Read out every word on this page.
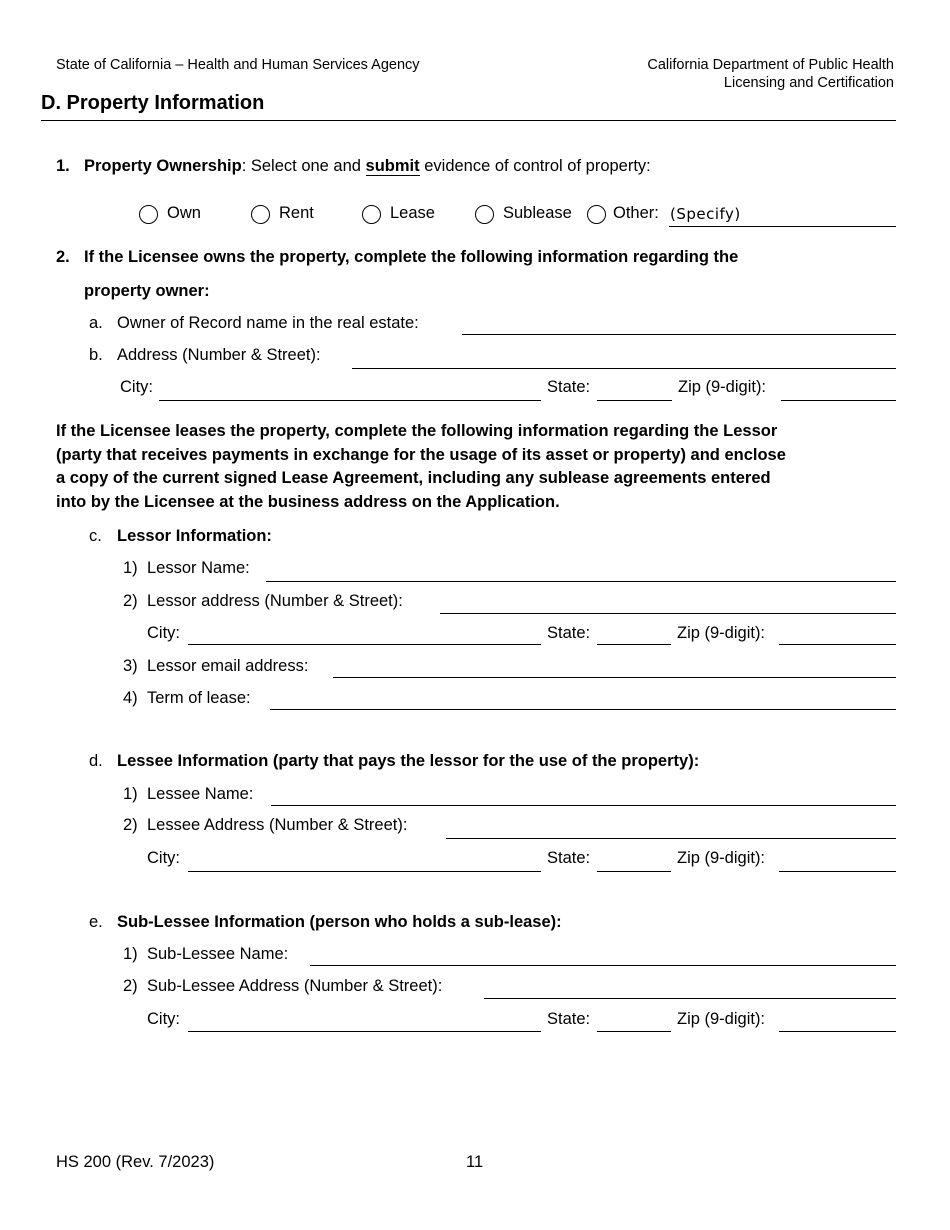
State of California – Health and Human Services Agency	California Department of Public Health
Licensing and Certification
D. Property Information
1. Property Ownership: Select one and submit evidence of control of property:
Own	Rent	Lease	Sublease Other: (Specify)
2. If the Licensee owns the property, complete the following information regarding the
property owner:
a. Owner of Record name in the real estate:
b. Address (Number & Street):
City:	State:	Zip (9-digit):
If the Licensee leases the property, complete the following information regarding the Lessor
(party that receives payments in exchange for the usage of its asset or property) and enclose
a copy of the current signed Lease Agreement, including any sublease agreements entered
into by the Licensee at the business address on the Application.
c. Lessor Information:
1) Lessor Name:
2) Lessor address (Number & Street):
City:	State:	Zip (9-digit):
3) Lessor email address:
4) Term of lease:
d. Lessee Information (party that pays the lessor for the use of the property):
1) Lessee Name:
2) Lessee Address (Number & Street):
City:	State:	Zip (9-digit):
e. Sub-Lessee Information (person who holds a sub-lease):
1) Sub-Lessee Name:
2) Sub-Lessee Address (Number & Street):
City:	State:	Zip (9-digit):
HS 200 (Rev. 7/2023)	11
